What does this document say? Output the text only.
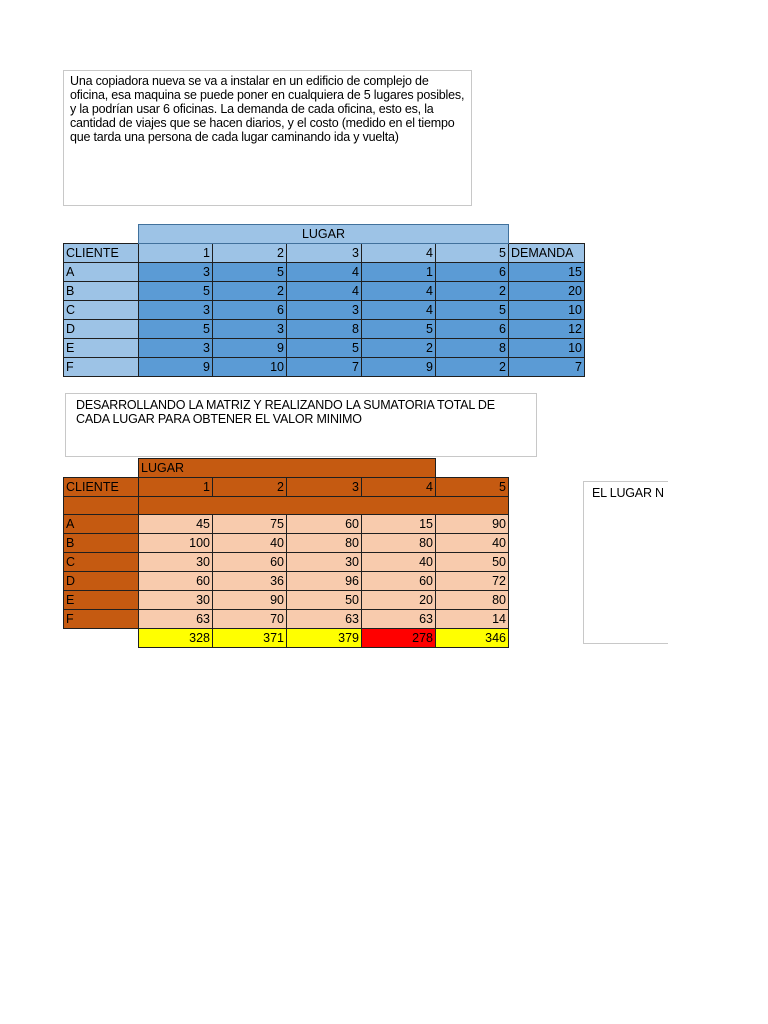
Una copiadora nueva se va a instalar en un edificio de complejo de oficina, esa maquina se puede poner en cualquiera de 5 lugares posibles, y la podrían usar 6 oficinas. La demanda de cada oficina, esto es, la cantidad de viajes que se hacen diarios, y el costo (medido en el tiempo que tarda una persona de cada lugar caminando ida y vuelta)
	LUGAR					
CLIENTE	1	2	3	4	5	DEMANDA
A	3	5	4	1	6	15
B	5	2	4	4	2	20
C	3	6	3	4	5	10
D	5	3	8	5	6	12
E	3	9	5	2	8	10
F	9	10	7	9	2	7
DESARROLLANDO LA MATRIZ Y REALIZANDO LA SUMATORIA TOTAL DE CADA LUGAR PARA OBTENER EL VALOR MINIMO
	LUGAR				
CLIENTE	1	2	3	4	5

A	45	75	60	15	90
B	100	40	80	80	40
C	30	60	30	40	50
D	60	36	96	60	72
E	30	90	50	20	80
F	63	70	63	63	14
	328	371	379	278	346
EL LUGAR N
